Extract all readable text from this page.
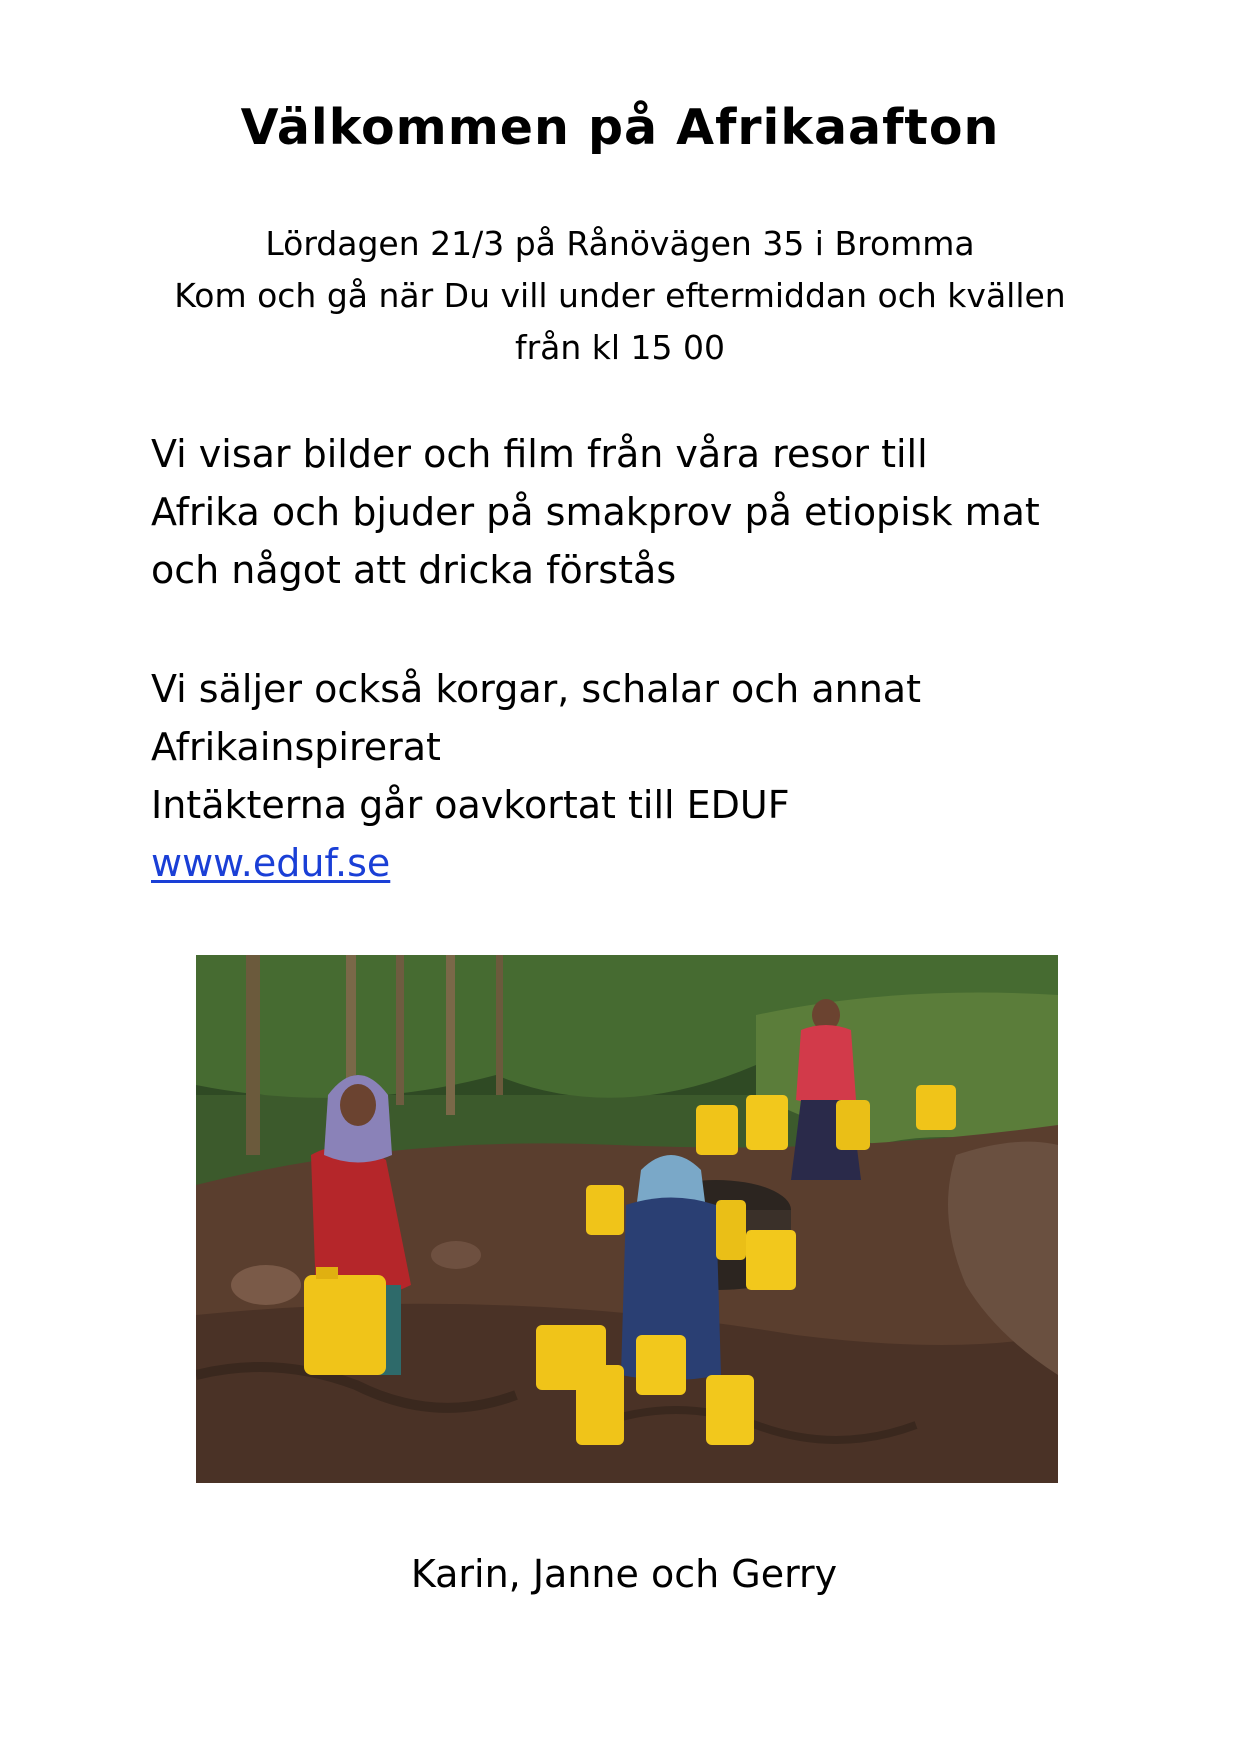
Välkommen på Afrikaafton
Lördagen 21/3 på Rånövägen 35 i Bromma
Kom och gå när Du vill under eftermiddan och kvällen
från kl 15 00
Vi visar bilder och film från våra resor till
Afrika och bjuder på smakprov på etiopisk mat
och något att dricka förstås
Vi säljer också korgar, schalar och annat
Afrikainspirerat
Intäkterna går oavkortat till EDUF
www.eduf.se
Karin, Janne och Gerry
